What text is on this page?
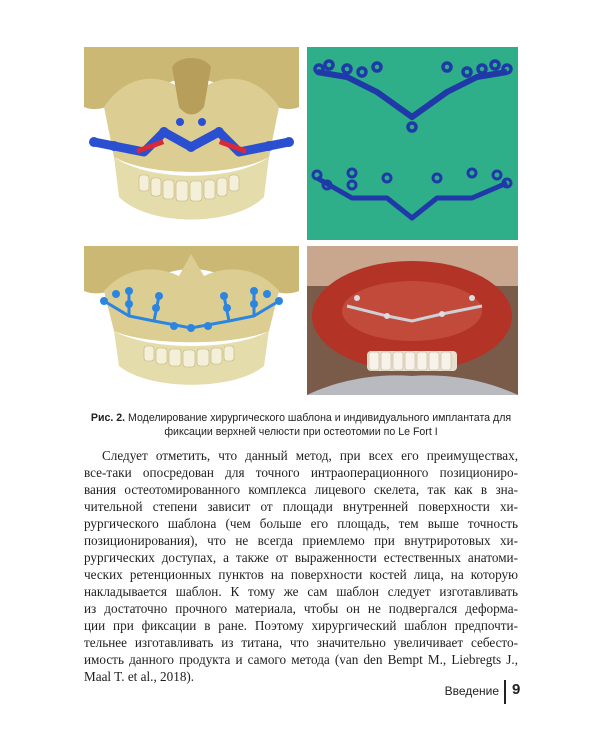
Рис. 2. Моделирование хирургического шаблона и индивидуального имплантата для фиксации верхней челюсти при остеотомии по Le Fort I
Следует отметить, что данный метод, при всех его преимуществах,
все-таки опосредован для точного интраоперационного позициониро-
вания остеотомированного комплекса лицевого скелета, так как в зна-
чительной степени зависит от площади внутренней поверхности хи-
рургического шаблона (чем больше его площадь, тем выше точность
позиционирования), что не всегда приемлемо при внутриротовых хи-
рургических доступах, а также от выраженности естественных анатоми-
ческих ретенционных пунктов на поверхности костей лица, на которую
накладывается шаблон. К тому же сам шаблон следует изготавливать
из достаточно прочного материала, чтобы он не подвергался деформа-
ции при фиксации в ране. Поэтому хирургический шаблон предпочти-
тельнее изготавливать из титана, что значительно увеличивает себесто-
имость данного продукта и самого метода (van den Bempt M., Liebregts J.,
Maal T. et al., 2018).
Введение 9
